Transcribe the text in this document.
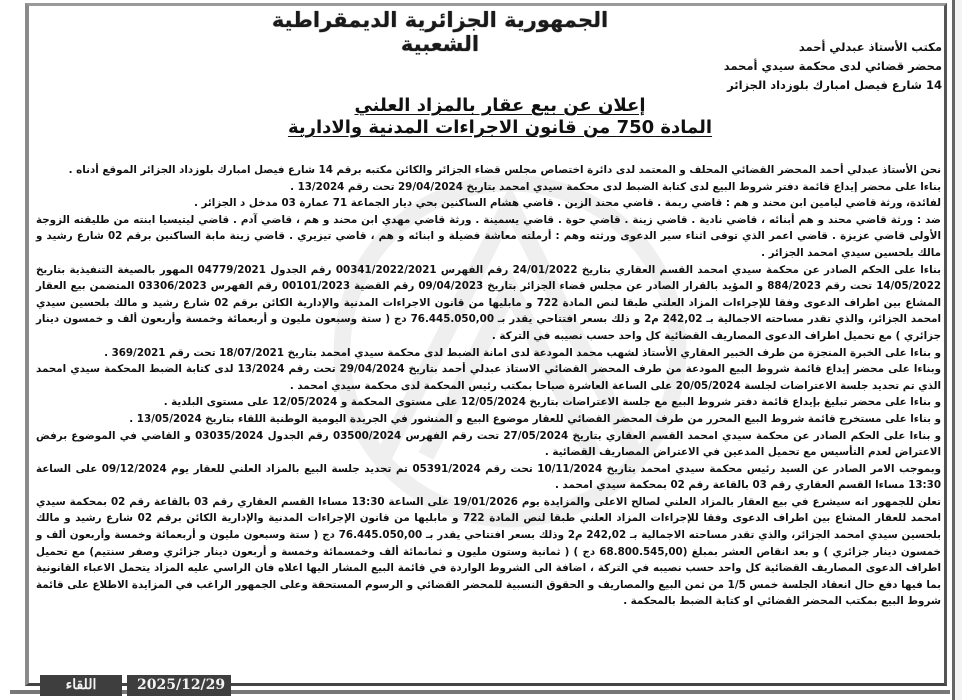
الجمهورية الجزائرية الديمقراطية الشعبية	مكتب الأستاذ عبدلي أحمد
محضر قضائي لدى محكمة سيدي أمحمد
14 شارع فيصل امبارك بلوزداد الجزائر
إعلان عن بيع عقار بالمزاد العلني
المادة 750 من قانون الاجراءات المدنية والادارية

نحن الأستاذ عبدلي أحمد المحضر القضائي المحلف و المعتمد لدى دائرة اختصاص مجلس قضاء الجزائر والكائن مكتبه برقم 14 شارع فيصل امبارك بلوزداد الجزائر الموقع أدناه .

بناءا على محضر إيداع قائمة دفتر شروط البيع لدى كتابة الضبط لدى محكمة سيدي امحمد بتاريخ 29/04/2024 تحت رقم 13/2024 .

لفائدة، ورثة قاضي ليامين ابن محند و هم : قاضي ربمة . قاضي محند الزين . قاضي هشام الساكنين بحي ديار الجماعة 71 عمارة 03 مدخل د الجزائر .

ضد : ورثة قاضي محند و هم أبنائه ، قاضي نادية . قاضي زينة . قاضي حوة . قاضي يسمينة . ورثة قاضي مهدي ابن محند و هم ، قاضي آدم . قاضي ليتيسيا ابنته من طليقته الزوجة الأولى قاضي عزيزة . قاضي اعمر الذي توفى اثناء سير الدعوى ورثته وهم : أرملته معاشة فضيلة و ابنائه و هم ، قاضي تيزيري . قاضي زينة مابة الساكنين برقم 02 شارع رشيد و مالك بلحسين سيدي امحمد الجزائر .

بناءا على الحكم الصادر عن محكمة سيدي امحمد القسم العقاري بتاريخ 24/01/2022 رقم الفهرس 00341/2022/2021 رقم الجدول 04779/2021 المهور بالصيغة التنفيذية بتاريخ 14/05/2022 تحت رقم 884/2023 و المؤيد بالقرار الصادر عن مجلس قضاء الجزائر بتاريخ 09/04/2023 رقم القضية 00101/2023 رقم الفهرس 03306/2023 المتضمن بيع العقار المشاع بين اطراف الدعوى وفقا للإجراءات المزاد العلني طبقا لنص المادة 722 و مابليها من قانون الاجراءات المدنية والإدارية الكائن برقم 02 شارع رشيد و مالك بلحسين سيدي امحمد الجزائر، والذي تقدر مساحته الاجمالية بـ 242,02 م2 و ذلك بسعر افتتاحي يقدر بـ 76.445.050,00 دج ( ستة وسبعون مليون و أربعمائة وخمسة وأربعون ألف و خمسون دينار جزائري ) مع تحميل اطراف الدعوى المصاريف القضائية كل واحد حسب نصيبه في التركة .

و بناءا على الخبرة المنجزة من طرف الخبير العقاري الأستاذ لشهب محمد المودعة لدى امانة الضبط لدى محكمة سيدي امحمد بتاريخ 18/07/2021 تحت رقم 369/2021 .

وبناءا على محضر إيداع قائمة شروط البيع المودعة من طرف المحضر القضائي الاستاذ عبدلي أحمد بتاريخ 29/04/2024 تحت رقم 13/2024 لدى كتابة الضبط المحكمة سيدي امحمد الذي تم تحديد جلسة الاعتراضات لجلسة 20/05/2024 على الساعة العاشرة صباحا بمكتب رئيس المحكمة لدى محكمة سيدي امحمد .

و بناءا على محضر تبليغ بإيداع قائمة دفتر شروط البيع مع جلسة الاعتراضات بتاريخ 12/05/2024 على مستوى المحكمة و 12/05/2024 على مستوى البلدية .

و بناءا على مستخرج قائمة شروط البيع المحرر من طرف المحضر القضائي للعقار موضوع البيع و المنشور في الجريدة اليومية الوطنية اللقاء بتاريخ 13/05/2024 .

و بناءا على الحكم الصادر عن محكمة سيدي امحمد القسم العقاري بتاريخ 27/05/2024 تحت رقم الفهرس 03500/2024 رقم الجدول 03035/2024 و القاضي في الموضوع برفض الاعتراض لعدم التأسيس مع تحميل المدعين في الاعتراض المصاريف القضائية .

وبموجب الامر الصادر عن السيد رئيس محكمة سيدي امحمد بتاريخ 10/11/2024 تحت رقم 05391/2024 تم تحديد جلسة البيع بالمزاد العلني للعقار يوم 09/12/2024 على الساعة 13:30 مساءا القسم العقاري رقم 03 بالقاعة رقم 02 بمحكمة سيدي امحمد .

تعلن للجمهور انه سيشرع في بيع العقار بالمزاد العلني لصالح الاعلى والمزايدة يوم 19/01/2026 على الساعة 13:30 مساءا القسم العقاري رقم 03 بالقاعة رقم 02 بمحكمة سيدي امحمد للعقار المشاع بين اطراف الدعوى وفقا للإجراءات المزاد العلني طبقا لنص المادة 722 و مابليها من قانون الإجراءات المدنية والإدارية الكائن برقم 02 شارع رشيد و مالك بلحسين سيدي امحمد الجزائر، والذي تقدر مساحته الاجمالية بـ 242,02 م2 وذلك بسعر افتتاحي يقدر بـ 76.445.050,00 دج ( ستة وسبعون مليون و أربعمائة وخمسة وأربعون ألف و خمسون دينار جزائري ) و بعد انقاص العشر بمبلغ (68.800.545,00 دج ) ( ثمانية وستون مليون و ثمانمائة ألف وخمسمائة وخمسة و أربعون دينار جزائري وصفر سنتيم) مع تحميل اطراف الدعوى المصاريف القضائية كل واحد حسب نصيبه في التركة ، اضافة الى الشروط الواردة في قائمة البيع المشار اليها اعلاه فان الراسي عليه المزاد يتحمل الاعباء القانونية بما فيها دفع حال انعقاد الجلسة خمس 1/5 من ثمن البيع والمصاريف و الحقوق النسبية للمحضر القضائي و الرسوم المستحقة وعلى الجمهور الراغب في المزايدة الاطلاع على قائمة شروط البيع بمكتب المحضر القضائي او كتابة الضبط بالمحكمة .

اللقاء	2025/12/29
